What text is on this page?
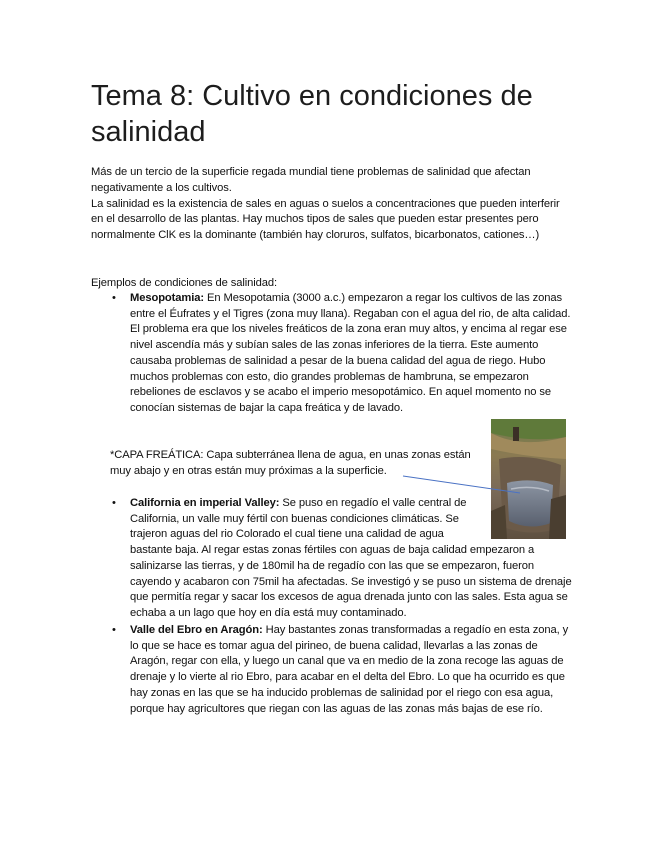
Tema 8: Cultivo en condiciones de salinidad
Más de un tercio de la superficie regada mundial tiene problemas de salinidad que afectan negativamente a los cultivos.
La salinidad es la existencia de sales en aguas o suelos a concentraciones que pueden interferir en el desarrollo de las plantas. Hay muchos tipos de sales que pueden estar presentes pero normalmente ClK es la dominante (también hay cloruros, sulfatos, bicarbonatos, cationes…)
Ejemplos de condiciones de salinidad:
• Mesopotamia: En Mesopotamia (3000 a.c.) empezaron a regar los cultivos de las zonas entre el Éufrates y el Tigres (zona muy llana). Regaban con el agua del rio, de alta calidad. El problema era que los niveles freáticos de la zona eran muy altos, y encima al regar ese nivel ascendía más y subían sales de las zonas inferiores de la tierra. Este aumento causaba problemas de salinidad a pesar de la buena calidad del agua de riego. Hubo muchos problemas con esto, dio grandes problemas de hambruna, se empezaron rebeliones de esclavos y se acabo el imperio mesopotámico. En aquel momento no se conocían sistemas de bajar la capa freática y de lavado.
*CAPA FREÁTICA: Capa subterránea llena de agua, en unas zonas están muy abajo y en otras están muy próximas a la superficie.
• California en imperial Valley: Se puso en regadío el valle central de California, un valle muy fértil con buenas condiciones climáticas. Se trajeron aguas del rio Colorado el cual tiene una calidad de agua bastante baja. Al regar estas zonas fértiles con aguas de baja calidad empezaron a salinizarse las tierras, y de 180mil ha de regadío con las que se empezaron, fueron cayendo y acabaron con 75mil ha afectadas. Se investigó y se puso un sistema de drenaje que permitía regar y sacar los excesos de agua drenada junto con las sales. Esta agua se echaba a un lago que hoy en día está muy contaminado.
• Valle del Ebro en Aragón: Hay bastantes zonas transformadas a regadío en esta zona, y lo que se hace es tomar agua del pirineo, de buena calidad, llevarlas a las zonas de Aragón, regar con ella, y luego un canal que va en medio de la zona recoge las aguas de drenaje y lo vierte al rio Ebro, para acabar en el delta del Ebro. Lo que ha ocurrido es que hay zonas en las que se ha inducido problemas de salinidad por el riego con esa agua, porque hay agricultores que riegan con las aguas de las zonas más bajas de ese río.
